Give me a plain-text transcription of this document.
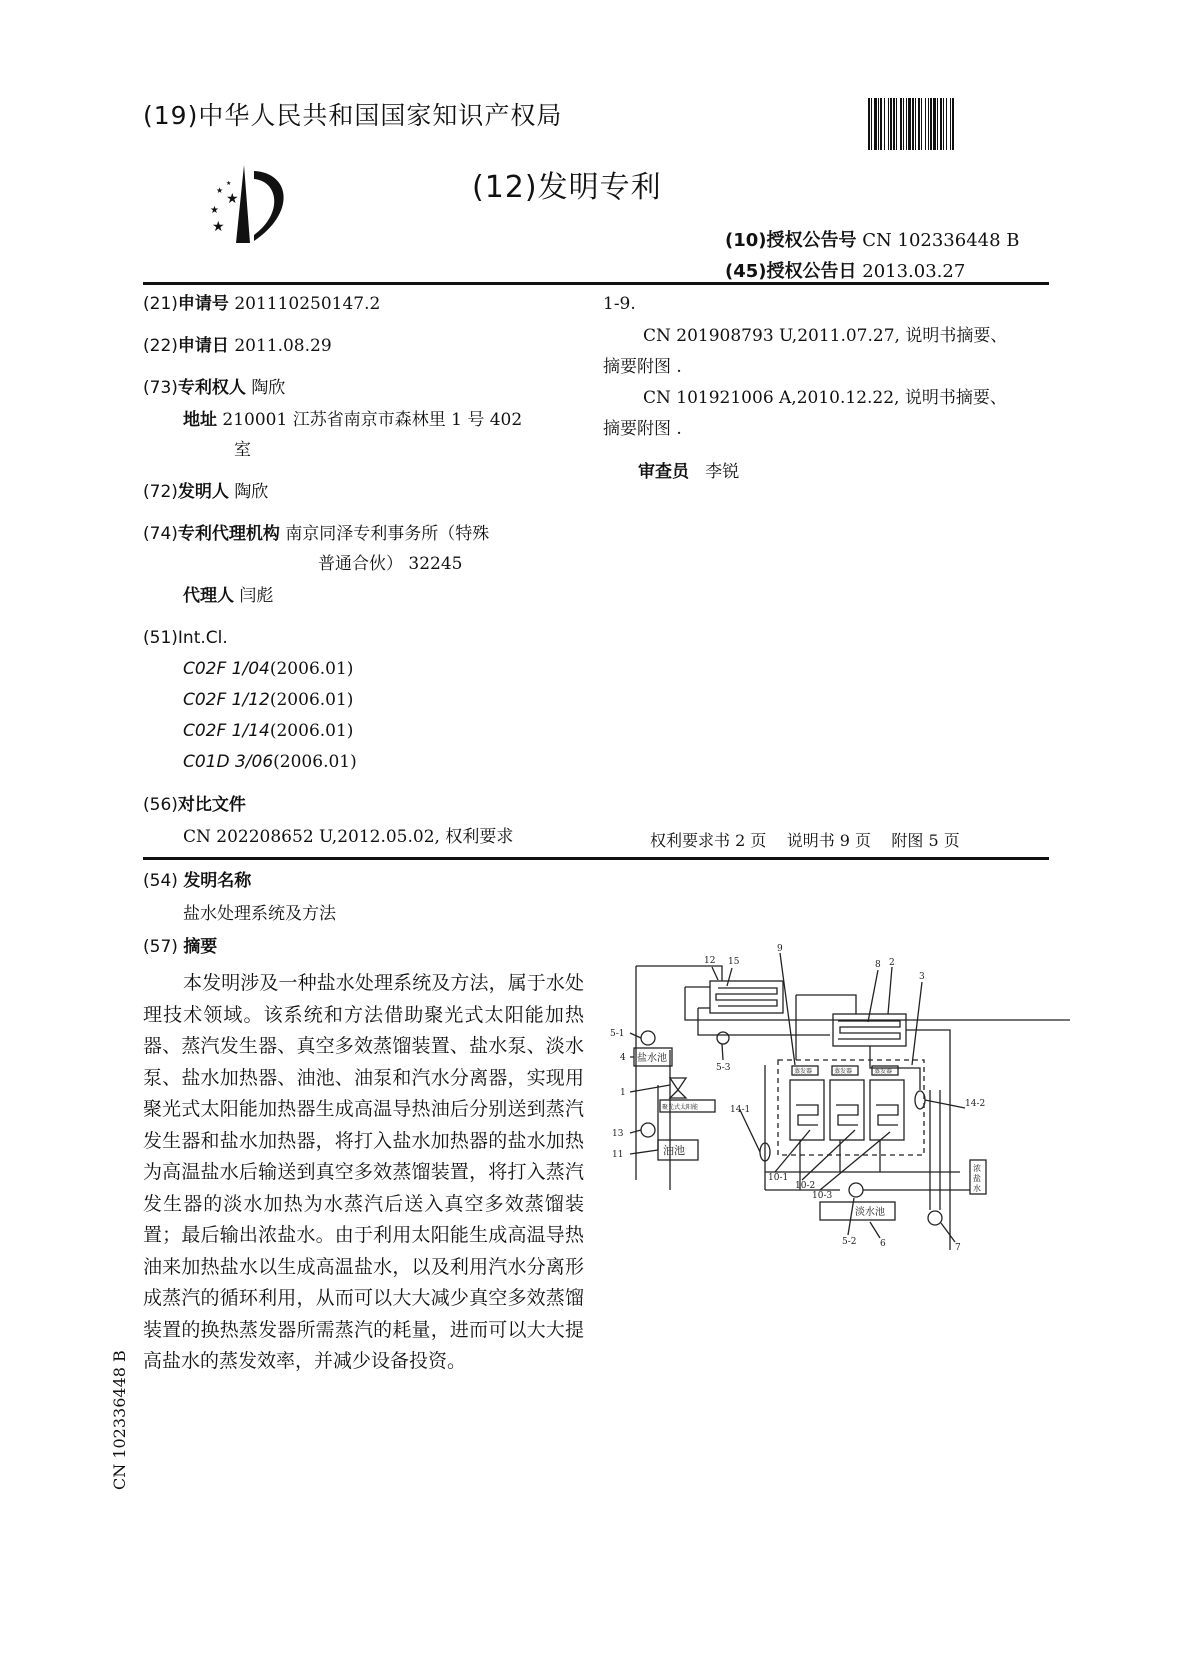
(19)中华人民共和国国家知识产权局
★
★
★
★
★
(12)发明专利
(10)授权公告号 CN 102336448 B
(45)授权公告日 2013.03.27
(21)申请号 201110250147.2
(22)申请日 2011.08.29
(73)专利权人 陶欣
地址 210001 江苏省南京市森林里 1 号 402
室
(72)发明人 陶欣
(74)专利代理机构 南京同泽专利事务所（特殊
普通合伙） 32245
代理人 闫彪
(51)Int.Cl.
C02F 1/04(2006.01)
C02F 1/12(2006.01)
C02F 1/14(2006.01)
C01D 3/06(2006.01)
(56)对比文件
CN 202208652 U,2012.05.02, 权利要求
1-9.
CN 201908793 U,2011.07.27, 说明书摘要、
摘要附图 .
CN 101921006 A,2010.12.22, 说明书摘要、
摘要附图 .
审查员 李锐
权利要求书 2 页    说明书 9 页    附图 5 页
(54) 发明名称
盐水处理系统及方法
(57) 摘要
本发明涉及一种盐水处理系统及方法，属于水处理技术领域。该系统和方法借助聚光式太阳能加热器、蒸汽发生器、真空多效蒸馏装置、盐水泵、淡水泵、盐水加热器、油池、油泵和汽水分离器，实现用聚光式太阳能加热器生成高温导热油后分别送到蒸汽发生器和盐水加热器，将打入盐水加热器的盐水加热为高温盐水后输送到真空多效蒸馏装置，将打入蒸汽发生器的淡水加热为水蒸汽后送入真空多效蒸馏装置；最后输出浓盐水。由于利用太阳能生成高温导热油来加热盐水以生成高温盐水，以及利用汽水分离形成蒸汽的循环利用，从而可以大大减少真空多效蒸馏装置的换热蒸发器所需蒸汽的耗量，进而可以大大提高盐水的蒸发效率，并减少设备投资。
CN 102336448 B
12 15
9
8 2
3
14-2
5-1
4
5-3
1
14-1
13
11
10-1
10-2
10-3
5-2	6	7
盐水池
聚光式太阳能
油池
淡水池
浓
盐
水
蒸发器	蒸发器	蒸发器
